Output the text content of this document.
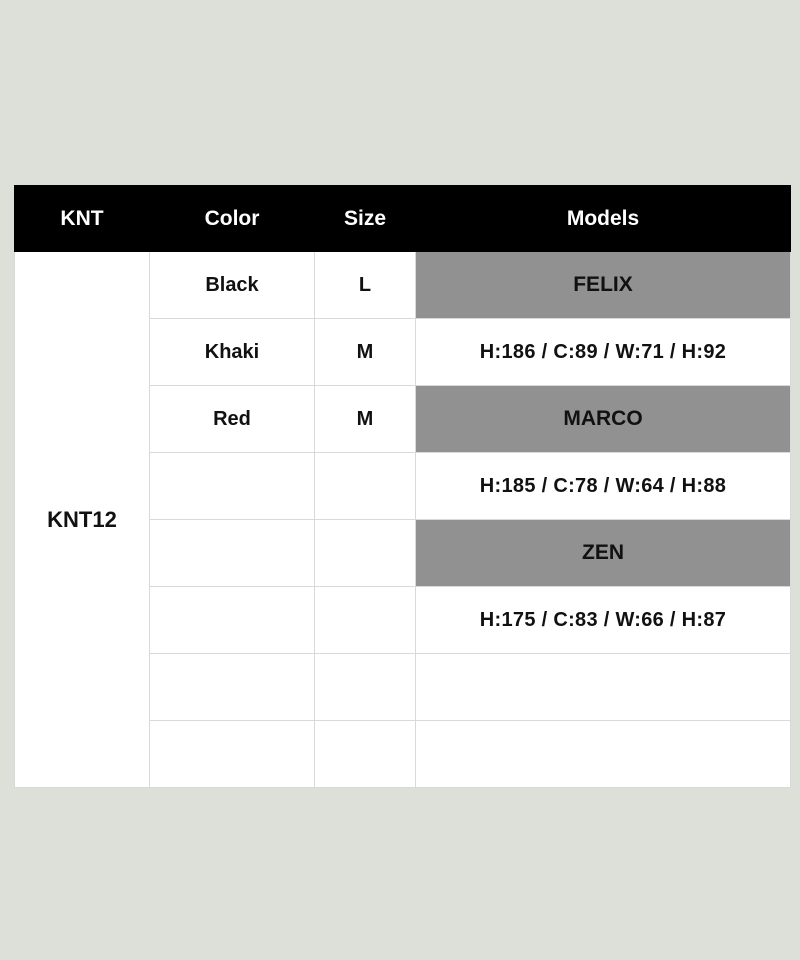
KNT	Color	Size	Models
KNT12	Black	L	FELIX
	Khaki	M	H:186 / C:89 / W:71 / H:92
	Red	M	MARCO
			H:185 / C:78 / W:64 / H:88
			ZEN
			H:175 / C:83 / W:66 / H:87
